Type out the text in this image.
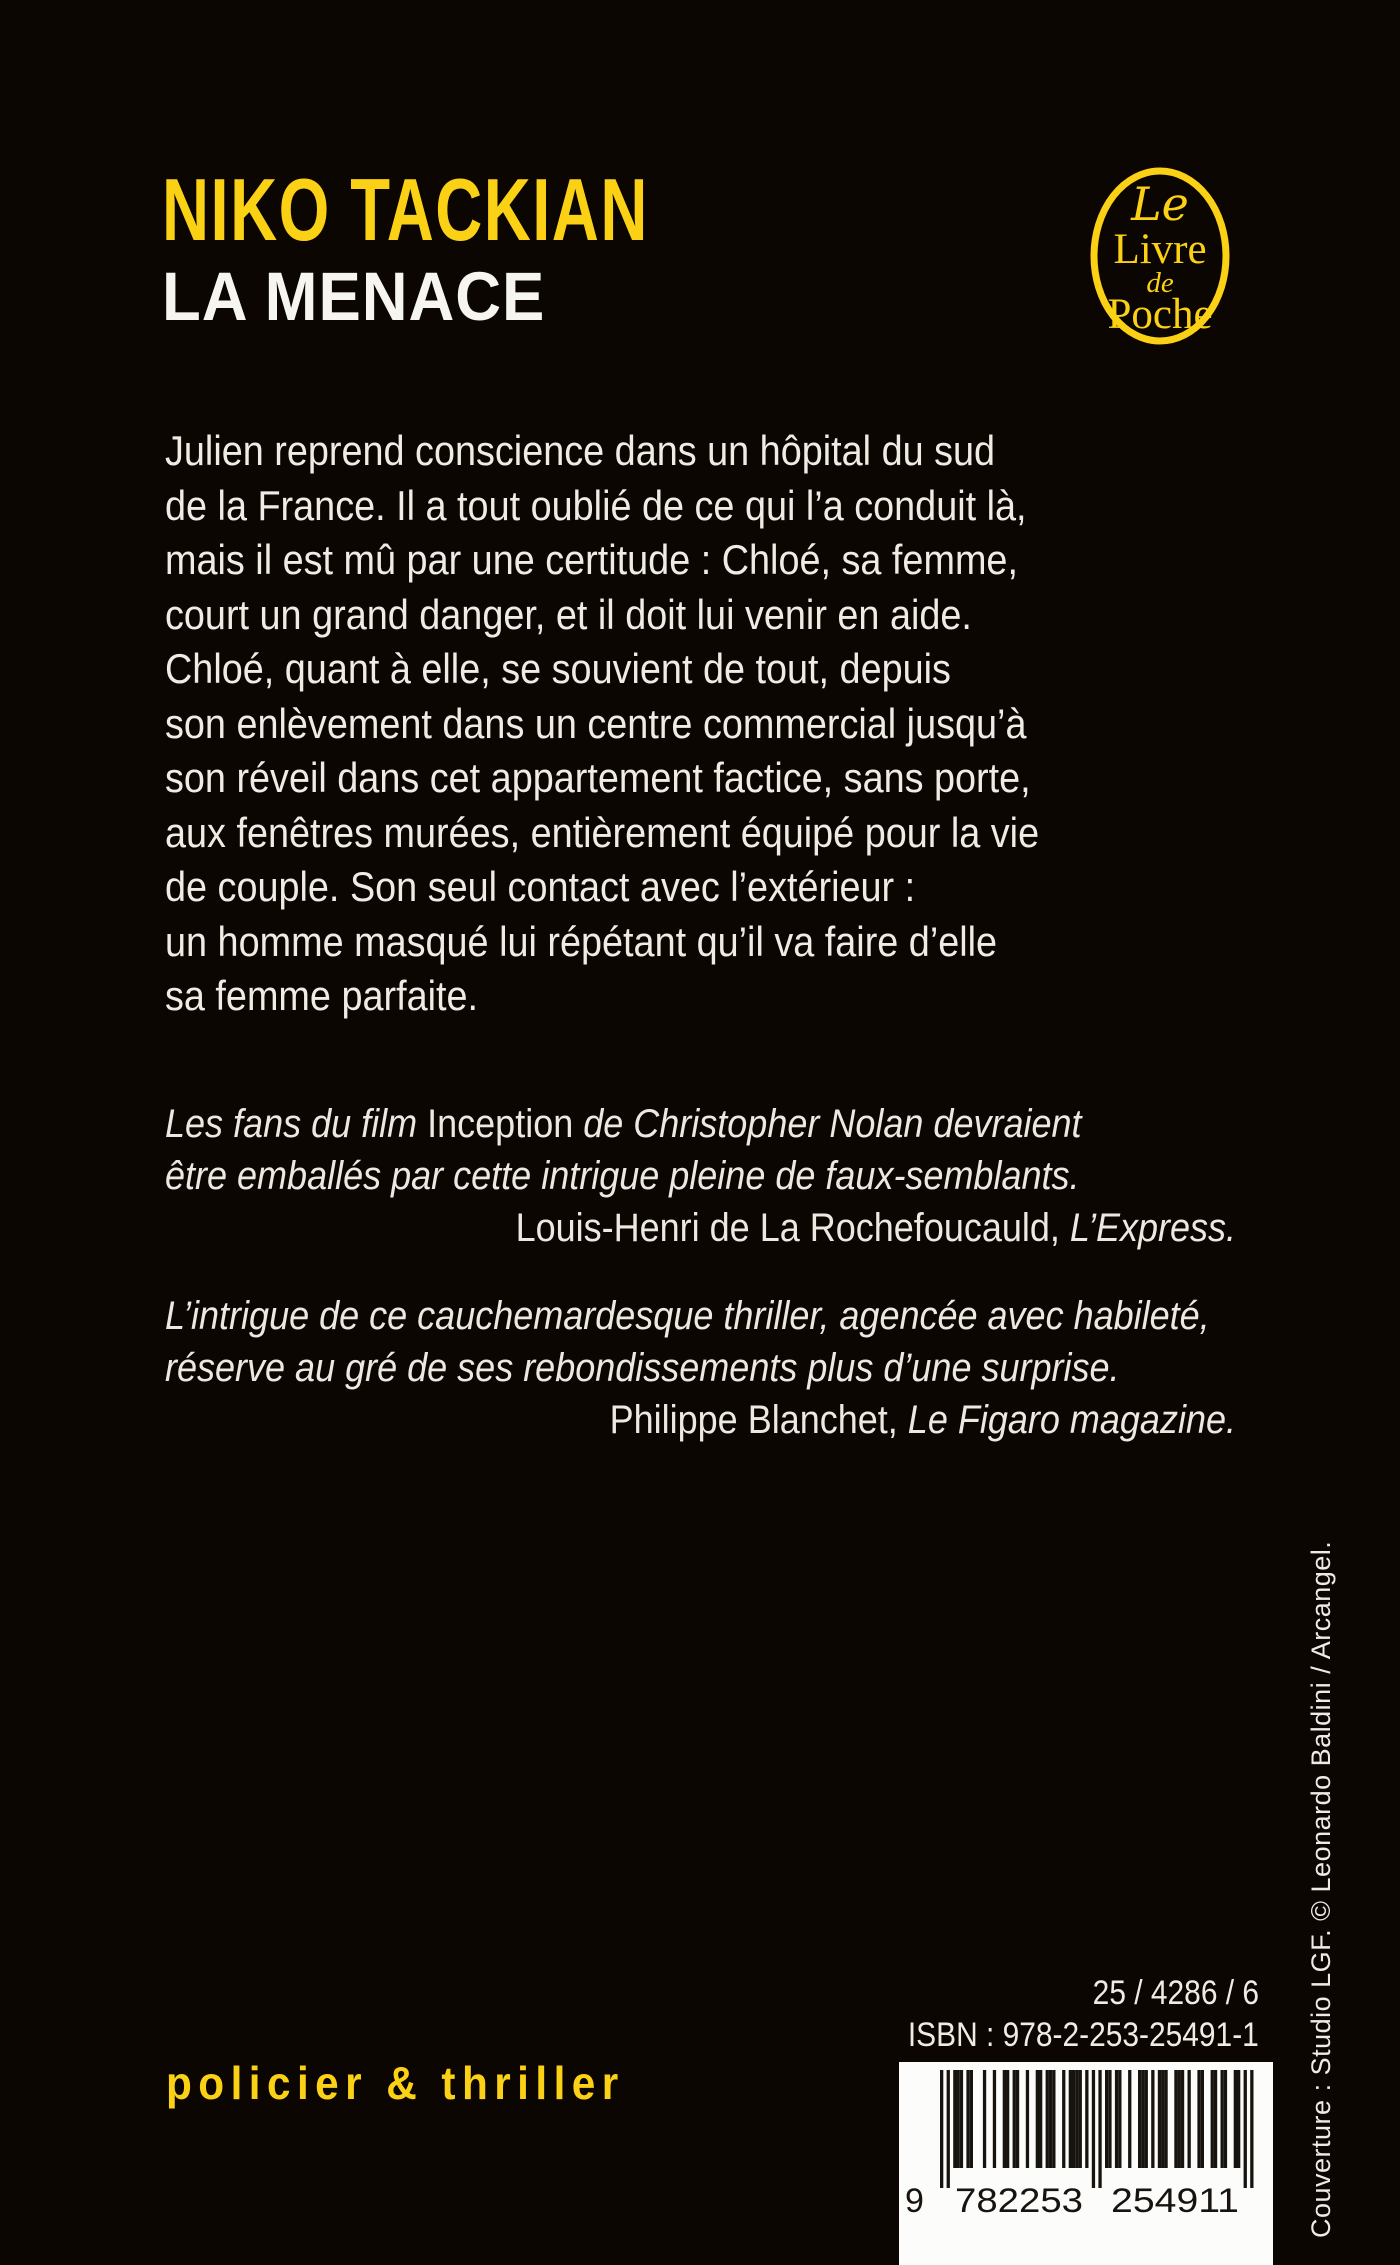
NIKO TACKIAN
LA MENACE
Le
Livre
de
Poche
Julien reprend conscience dans un hôpital du sud
de la France. Il a tout oublié de ce qui l’a conduit là,
mais il est mû par une certitude : Chloé, sa femme,
court un grand danger, et il doit lui venir en aide.
Chloé, quant à elle, se souvient de tout, depuis
son enlèvement dans un centre commercial jusqu’à
son réveil dans cet appartement factice, sans porte,
aux fenêtres murées, entièrement équipé pour la vie
de couple. Son seul contact avec l’extérieur :
un homme masqué lui répétant qu’il va faire d’elle
sa femme parfaite.
Les fans du film Inception de Christopher Nolan devraient
être emballés par cette intrigue pleine de faux-semblants.
Louis-Henri de La Rochefoucauld, L’Express.
L’intrigue de ce cauchemardesque thriller, agencée avec habileté,
réserve au gré de ses rebondissements plus d’une surprise.
Philippe Blanchet, Le Figaro magazine.
policier & thriller
25 / 4286 / 6
ISBN : 978-2-253-25491-1
9 782253 254911 Couverture : Studio LGF. © Leonardo Baldini / Arcangel.
